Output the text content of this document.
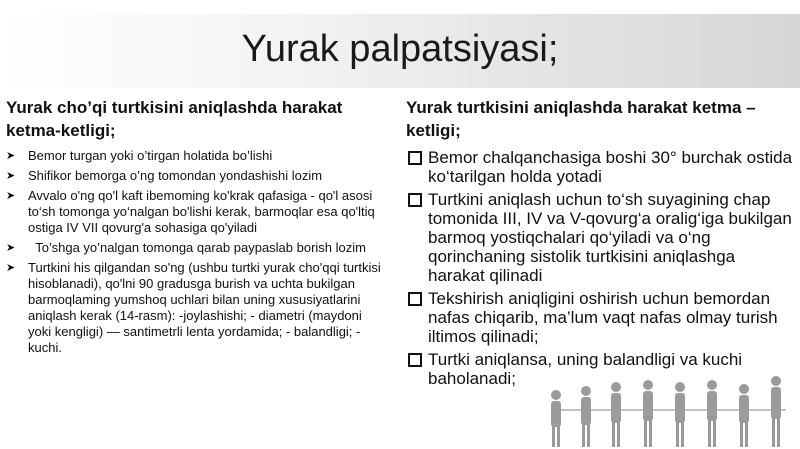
Yurak palpatsiyasi;
Yurak cho’qi turtkisini aniqlashda harakat ketma-ketligi;
➤ Bemor turgan yoki o’tirgan holatida bo’lishi
➤ Shifikor bemorga o’ng tomondan yondashishi lozim
➤ Avvalo o'ng qo'l kaft ibemoming ko'krak qafasiga - qo'l asosi to‘sh tomonga yo‘nalgan bo'lishi kerak, barmoqlar esa qo'ltiq ostiga IV VII qovurg'a sohasiga qo'yiladi
➤ To’shga yo’nalgan tomonga qarab paypaslab borish lozim
➤ Turtkini his qilgandan so'ng (ushbu turtki yurak cho'qqi turtkisi hisoblanadi), qo'lni 90 gradusga burish va uchta bukilgan barmoqlaming yumshoq uchlari bilan uning xususiyatlarini aniqlash kerak (14-rasm): -joylashishi; - diametri (maydoni yoki kengligi) — santimetrli lenta yordamida; - balandligi; -kuchi.
Yurak turtkisini aniqlashda harakat ketma –ketligi;
Bemor chalqanchasiga boshi 30° burchak ostida ko‘tarilgan holda yotadi
Turtkini aniqlash uchun to‘sh suyagining chap tomonida III, IV va V-qovurg‘a oralig‘iga bukilgan barmoq yostiqchalari qo‘yiladi va o‘ng qorinchaning sistolik turtkisini aniqlashga harakat qilinadi
Tekshirish aniqligini oshirish uchun bemordan nafas chiqarib, ma’lum vaqt nafas olmay turish iltimos qilinadi;
Turtki aniqlansa, uning balandligi va kuchi baholanadi;
